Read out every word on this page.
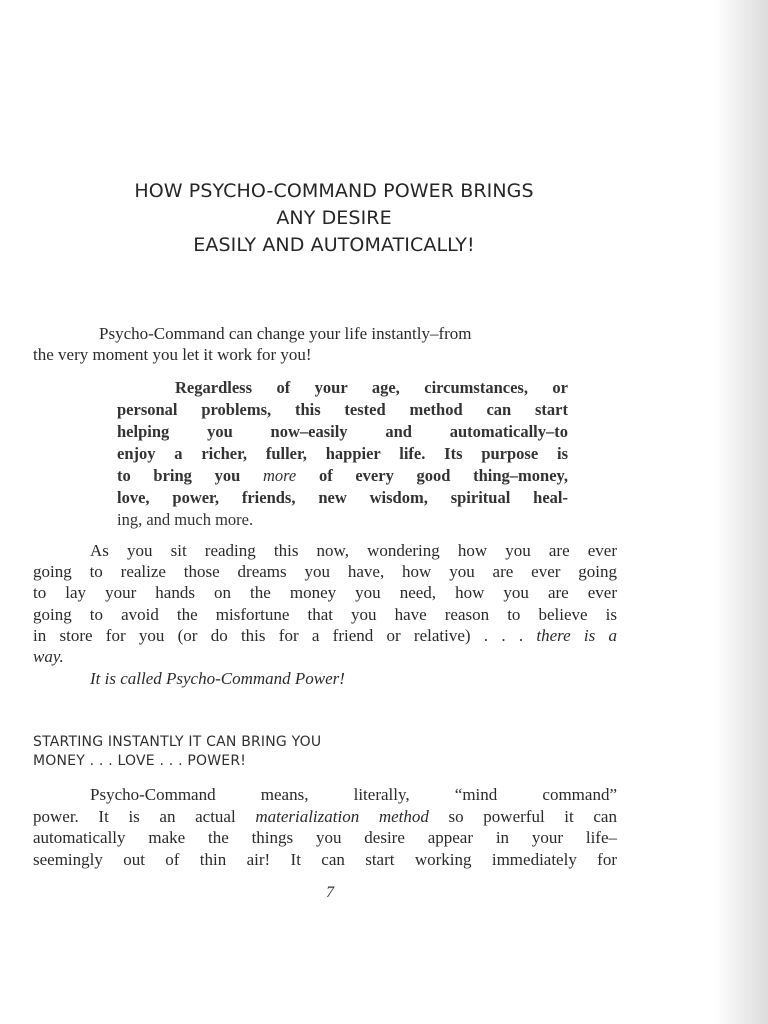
HOW PSYCHO-COMMAND POWER BRINGS
ANY DESIRE
EASILY AND AUTOMATICALLY!
Psycho-Command can change your life instantly–from
the very moment you let it work for you!
Regardless of your age, circumstances, or
personal problems, this tested method can start
helping you now–easily and automatically–to
enjoy a richer, fuller, happier life. Its purpose is
to bring you more of every good thing–money,
love, power, friends, new wisdom, spiritual heal-
ing, and much more.
As you sit reading this now, wondering how you are ever
going to realize those dreams you have, how you are ever going
to lay your hands on the money you need, how you are ever
going to avoid the misfortune that you have reason to believe is
in store for you (or do this for a friend or relative) . . . there is a
way.
It is called Psycho-Command Power!
STARTING INSTANTLY IT CAN BRING YOU
MONEY . . . LOVE . . . POWER!
Psycho-Command means, literally, “mind command”
power. It is an actual materialization method so powerful it can
automatically make the things you desire appear in your life–
seemingly out of thin air! It can start working immediately for
7
